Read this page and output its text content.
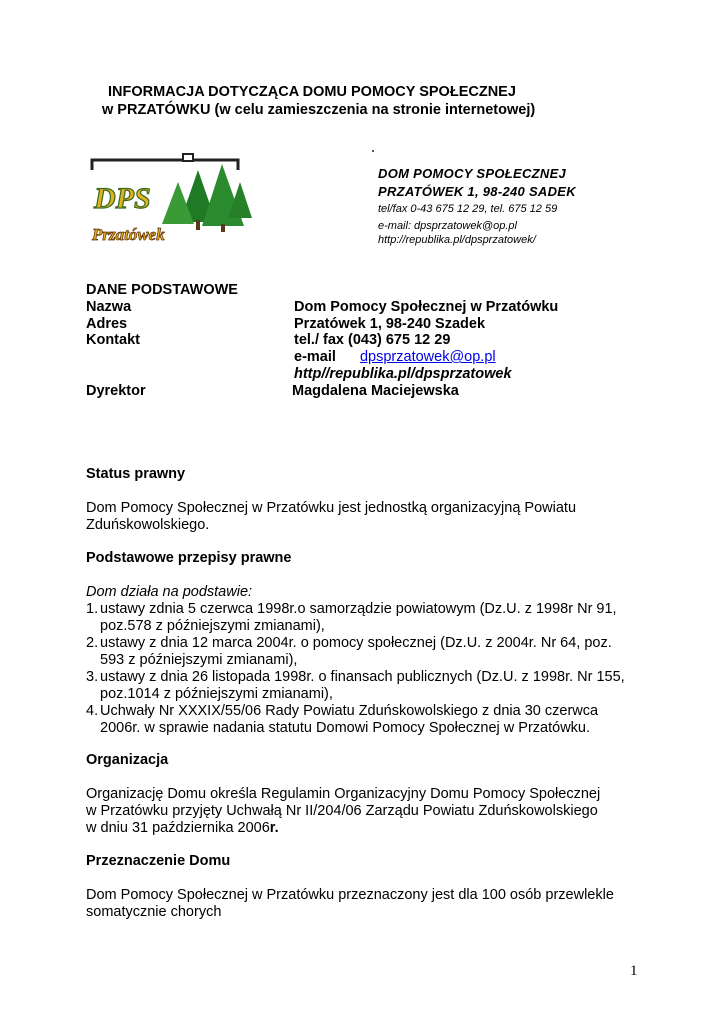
INFORMACJA DOTYCZĄCA DOMU POMOCY SPOŁECZNEJ
w PRZATÓWKU (w celu zamieszczenia na stronie internetowej)
DPS
Przatówek
DOM POMOCY SPOŁECZNEJ
PRZATÓWEK 1, 98-240 SADEK
tel/fax 0-43 675 12 29, tel. 675 12 59
e-mail: dpsprzatowek@op.pl
http://republika.pl/dpsprzatowek/
DANE PODSTAWOWE
Nazwa	Dom Pomocy Społecznej w Przatówku
Adres	Przatówek 1, 98-240 Szadek
Kontakt	tel./ fax (043) 675 12 29
e-mail dpsprzatowek@op.pl
http//republika.pl/dpsprzatowek
Dyrektor	Magdalena Maciejewska
Status prawny
Dom Pomocy Społecznej w Przatówku jest jednostką organizacyjną Powiatu
Zduńskowolskiego.
Podstawowe przepisy prawne
Dom działa na podstawie:
1. ustawy zdnia 5 czerwca 1998r.o samorządzie powiatowym (Dz.U. z 1998r Nr 91,
poz.578 z późniejszymi zmianami),
2. ustawy z dnia 12 marca 2004r. o pomocy społecznej (Dz.U. z 2004r. Nr 64, poz.
593 z późniejszymi zmianami),
3. ustawy z dnia 26 listopada 1998r. o finansach publicznych (Dz.U. z 1998r. Nr 155,
poz.1014 z późniejszymi zmianami),
4. Uchwały Nr XXXIX/55/06 Rady Powiatu Zduńskowolskiego z dnia 30 czerwca
2006r. w sprawie nadania statutu Domowi Pomocy Społecznej w Przatówku.
Organizacja
Organizację Domu określa Regulamin Organizacyjny Domu Pomocy Społecznej
w Przatówku przyjęty Uchwałą Nr II/204/06 Zarządu Powiatu Zduńskowolskiego
w dniu 31 października 2006r.
Przeznaczenie Domu
Dom Pomocy Społecznej w Przatówku przeznaczony jest dla 100 osób przewlekle
somatycznie chorych
1
